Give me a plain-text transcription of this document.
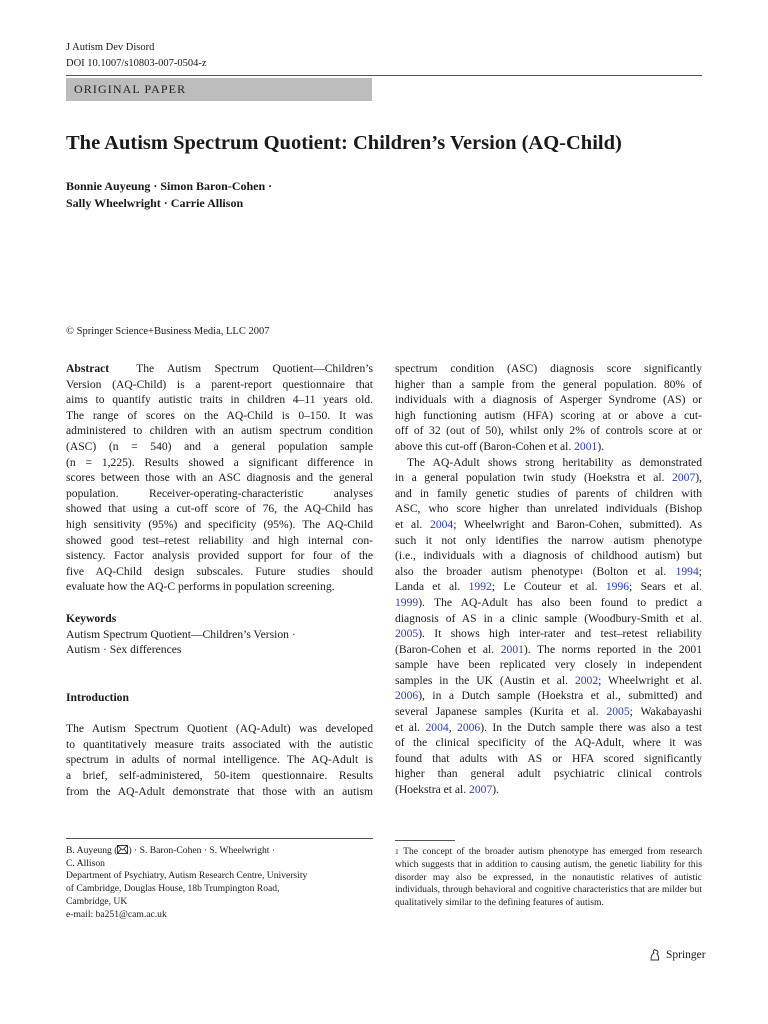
J Autism Dev Disord
DOI 10.1007/s10803-007-0504-z
ORIGINAL PAPER
The Autism Spectrum Quotient: Children’s Version (AQ-Child)
Bonnie Auyeung · Simon Baron-Cohen ·
Sally Wheelwright · Carrie Allison
© Springer Science+Business Media, LLC 2007
Abstract The Autism Spectrum Quotient—Children’s
Version (AQ-Child) is a parent-report questionnaire that
aims to quantify autistic traits in children 4–11 years old.
The range of scores on the AQ-Child is 0–150. It was
administered to children with an autism spectrum condition
(ASC) (n = 540) and a general population sample
(n = 1,225). Results showed a significant difference in
scores between those with an ASC diagnosis and the general
population. Receiver-operating-characteristic analyses
showed that using a cut-off score of 76, the AQ-Child has
high sensitivity (95%) and specificity (95%). The AQ-Child
showed good test–retest reliability and high internal con-
sistency. Factor analysis provided support for four of the
five AQ-Child design subscales. Future studies should
evaluate how the AQ-C performs in population screening.
Keywords
Autism Spectrum Quotient—Children’s Version ·
Autism · Sex differences
Introduction
The Autism Spectrum Quotient (AQ-Adult) was developed
to quantitatively measure traits associated with the autistic
spectrum in adults of normal intelligence. The AQ-Adult is
a brief, self-administered, 50-item questionnaire. Results
from the AQ-Adult demonstrate that those with an autism
spectrum condition (ASC) diagnosis score significantly
higher than a sample from the general population. 80% of
individuals with a diagnosis of Asperger Syndrome (AS) or
high functioning autism (HFA) scoring at or above a cut-
off of 32 (out of 50), whilst only 2% of controls score at or
above this cut-off (Baron-Cohen et al. 2001).
The AQ-Adult shows strong heritability as demonstrated
in a general population twin study (Hoekstra et al. 2007),
and in family genetic studies of parents of children with
ASC, who score higher than unrelated individuals (Bishop
et al. 2004; Wheelwright and Baron-Cohen, submitted). As
such it not only identifies the narrow autism phenotype
(i.e., individuals with a diagnosis of childhood autism) but
also the broader autism phenotype$^1$ (Bolton et al. 1994;
Landa et al. 1992; Le Couteur et al. 1996; Sears et al.
1999). The AQ-Adult has also been found to predict a
diagnosis of AS in a clinic sample (Woodbury-Smith et al.
2005). It shows high inter-rater and test–retest reliability
(Baron-Cohen et al. 2001). The norms reported in the 2001
sample have been replicated very closely in independent
samples in the UK (Austin et al. 2002; Wheelwright et al.
2006), in a Dutch sample (Hoekstra et al., submitted) and
several Japanese samples (Kurita et al. 2005; Wakabayashi
et al. 2004, 2006). In the Dutch sample there was also a test
of the clinical specificity of the AQ-Adult, where it was
found that adults with AS or HFA scored significantly
higher than general adult psychiatric clinical controls
(Hoekstra et al. 2007).
B. Auyeung ( ) · S. Baron-Cohen · S. Wheelwright ·
C. Allison
Department of Psychiatry, Autism Research Centre, University
of Cambridge, Douglas House, 18b Trumpington Road,
Cambridge, UK
e-mail: ba251@cam.ac.uk
$^1$ The concept of the broader autism phenotype has emerged from research which suggests that in addition to causing autism, the genetic liability for this disorder may also be expressed, in the nonautistic relatives of autistic individuals, through behavioral and cognitive characteristics that are milder but qualitatively similar to the defining features of autism.
Springer
